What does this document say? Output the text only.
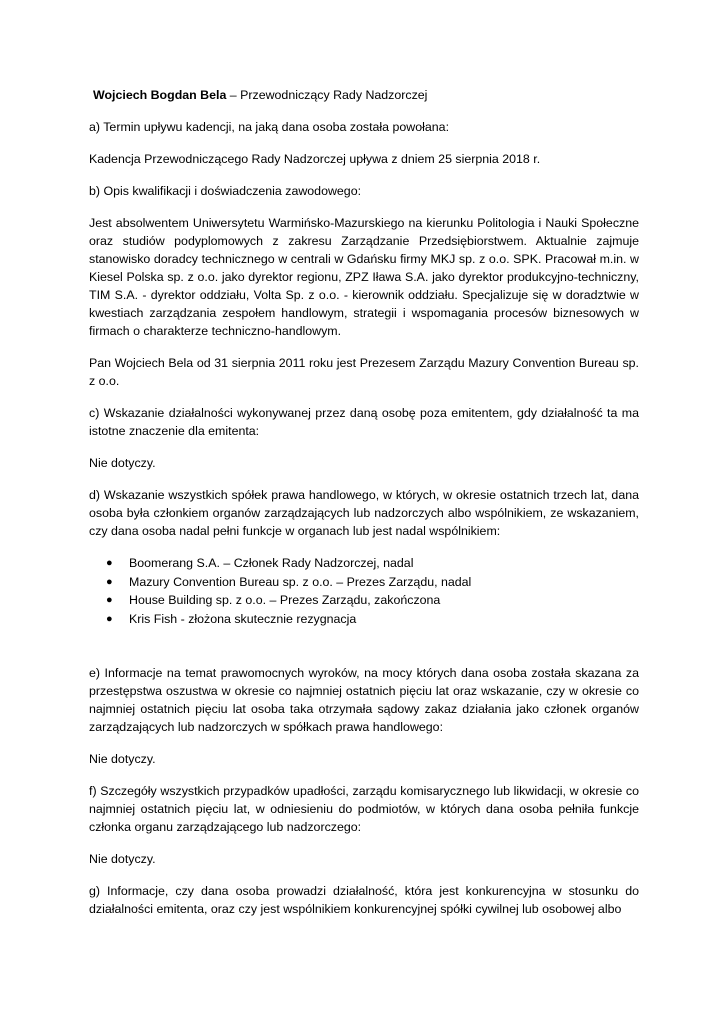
Wojciech Bogdan Bela – Przewodniczący Rady Nadzorczej

a) Termin upływu kadencji, na jaką dana osoba została powołana:

Kadencja Przewodniczącego Rady Nadzorczej upływa z dniem 25 sierpnia 2018 r.

b) Opis kwalifikacji i doświadczenia zawodowego:

Jest absolwentem Uniwersytetu Warmińsko-Mazurskiego na kierunku Politologia i Nauki Społeczne oraz studiów podyplomowych z zakresu Zarządzanie Przedsiębiorstwem. Aktualnie zajmuje stanowisko doradcy technicznego w centrali w Gdańsku firmy MKJ sp. z o.o. SPK. Pracował m.in. w Kiesel Polska sp. z o.o. jako dyrektor regionu, ZPZ Iława S.A. jako dyrektor produkcyjno-techniczny, TIM S.A. - dyrektor oddziału, Volta Sp. z o.o. - kierownik oddziału. Specjalizuje się w doradztwie w kwestiach zarządzania zespołem handlowym, strategii i wspomagania procesów biznesowych w firmach o charakterze techniczno-handlowym.

Pan Wojciech Bela od 31 sierpnia 2011 roku jest Prezesem Zarządu Mazury Convention Bureau sp. z o.o.

c) Wskazanie działalności wykonywanej przez daną osobę poza emitentem, gdy działalność ta ma istotne znaczenie dla emitenta:

Nie dotyczy.

d) Wskazanie wszystkich spółek prawa handlowego, w których, w okresie ostatnich trzech lat, dana osoba była członkiem organów zarządzających lub nadzorczych albo wspólnikiem, ze wskazaniem, czy dana osoba nadal pełni funkcje w organach lub jest nadal wspólnikiem:

● Boomerang S.A. – Członek Rady Nadzorczej, nadal
● Mazury Convention Bureau sp. z o.o. – Prezes Zarządu, nadal
● House Building sp. z o.o. – Prezes Zarządu, zakończona
● Kris Fish - złożona skutecznie rezygnacja

e) Informacje na temat prawomocnych wyroków, na mocy których dana osoba została skazana za przestępstwa oszustwa w okresie co najmniej ostatnich pięciu lat oraz wskazanie, czy w okresie co najmniej ostatnich pięciu lat osoba taka otrzymała sądowy zakaz działania jako członek organów zarządzających lub nadzorczych w spółkach prawa handlowego:

Nie dotyczy.

f) Szczegóły wszystkich przypadków upadłości, zarządu komisarycznego lub likwidacji, w okresie co najmniej ostatnich pięciu lat, w odniesieniu do podmiotów, w których dana osoba pełniła funkcje członka organu zarządzającego lub nadzorczego:

Nie dotyczy.

g) Informacje, czy dana osoba prowadzi działalność, która jest konkurencyjna w stosunku do działalności emitenta, oraz czy jest wspólnikiem konkurencyjnej spółki cywilnej lub osobowej albo
